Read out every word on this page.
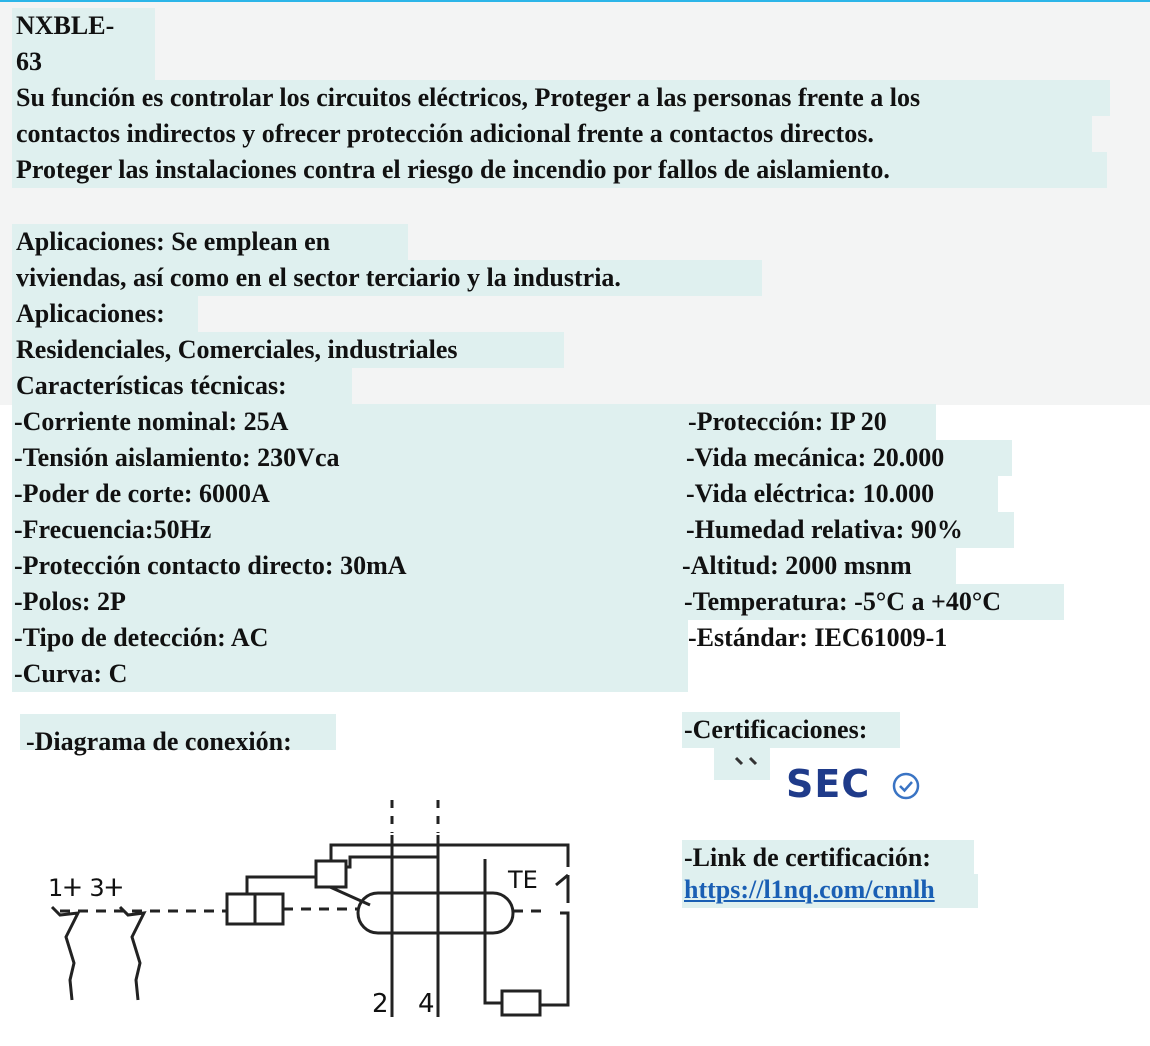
NXBLE-
63
Su función es controlar los circuitos eléctricos, Proteger a las personas frente a los
contactos indirectos y ofrecer protección adicional frente a contactos directos.
Proteger las instalaciones contra el riesgo de incendio por fallos de aislamiento.
Aplicaciones: Se emplean en
viviendas, así como en el sector terciario y la industria.
Aplicaciones:
Residenciales, Comerciales, industriales
Características técnicas:
-Corriente nominal: 25A
-Tensión aislamiento: 230Vca
-Poder de corte: 6000A
-Frecuencia:50Hz
-Protección contacto directo: 30mA
-Polos: 2P
-Tipo de detección: AC
-Curva: C
-Protección: IP 20
-Vida mecánica: 20.000
-Vida eléctrica: 10.000
-Humedad relativa: 90%
-Altitud: 2000 msnm
-Temperatura: -5°C a +40°C
-Estándar: IEC61009-1
-Diagrama de conexión:
1ⵜ 3ⵜ	TE
2 4
-Certificaciones:
SEC
-Link de certificación:
https://l1nq.com/cnnlh
